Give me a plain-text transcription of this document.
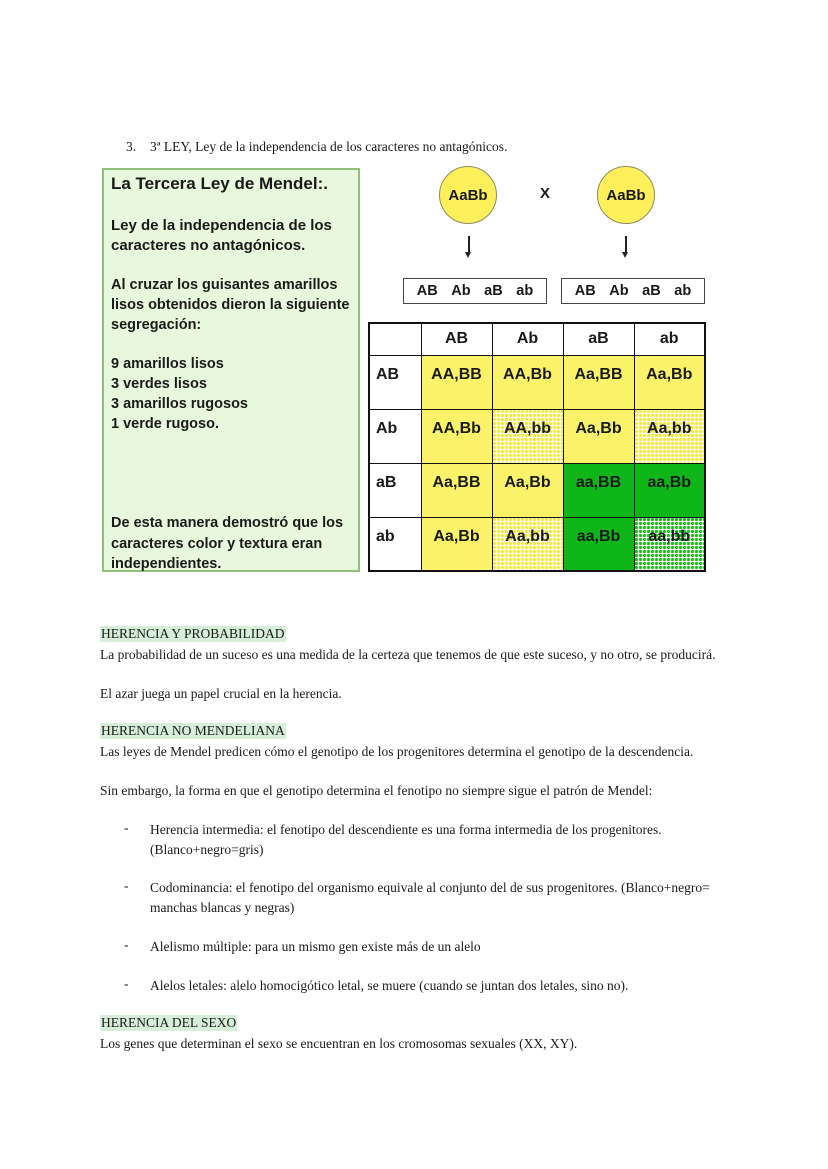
3. 3ª LEY, Ley de la independencia de los caracteres no antagónicos.
La Tercera Ley de Mendel:.
Ley de la independencia de los caracteres no antagónicos.
Al cruzar los guisantes amarillos lisos obtenidos dieron la siguiente segregación:
9 amarillos lisos
3 verdes lisos
3 amarillos rugosos
1 verde rugoso.
De esta manera demostró que los caracteres color y textura eran independientes.
AaBb	X	AaBb
AB Ab aB ab	AB Ab aB ab
	AB	Ab	aB	ab
AB	AA,BB	AA,Bb	Aa,BB	Aa,Bb
Ab	AA,Bb	AA,bb	Aa,Bb	Aa,bb
aB	Aa,BB	Aa,Bb	aa,BB	aa,Bb
ab	Aa,Bb	Aa,bb	aa,Bb	aa,bb
HERENCIA Y PROBABILIDAD
La probabilidad de un suceso es una medida de la certeza que tenemos de que este suceso, y no otro, se producirá.
El azar juega un papel crucial en la herencia.
HERENCIA NO MENDELIANA
Las leyes de Mendel predicen cómo el genotipo de los progenitores determina el genotipo de la descendencia.
Sin embargo, la forma en que el genotipo determina el fenotipo no siempre sigue el patrón de Mendel:
- Herencia intermedia: el fenotipo del descendiente es una forma intermedia de los progenitores. (Blanco+negro=gris)
- Codominancia: el fenotipo del organismo equivale al conjunto del de sus progenitores. (Blanco+negro= manchas blancas y negras)
- Alelismo múltiple: para un mismo gen existe más de un alelo
- Alelos letales: alelo homocigótico letal, se muere (cuando se juntan dos letales, sino no).
HERENCIA DEL SEXO
Los genes que determinan el sexo se encuentran en los cromosomas sexuales (XX, XY).
